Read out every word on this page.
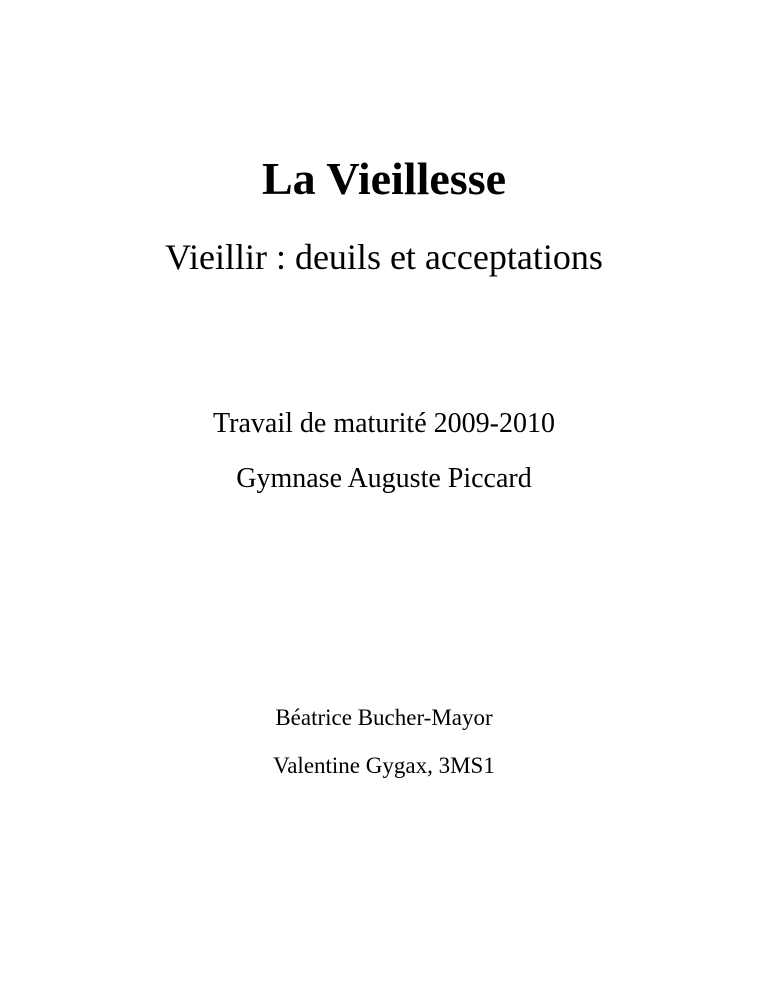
La Vieillesse
Vieillir : deuils et acceptations
Travail de maturité 2009-2010
Gymnase Auguste Piccard
Béatrice Bucher-Mayor
Valentine Gygax, 3MS1
